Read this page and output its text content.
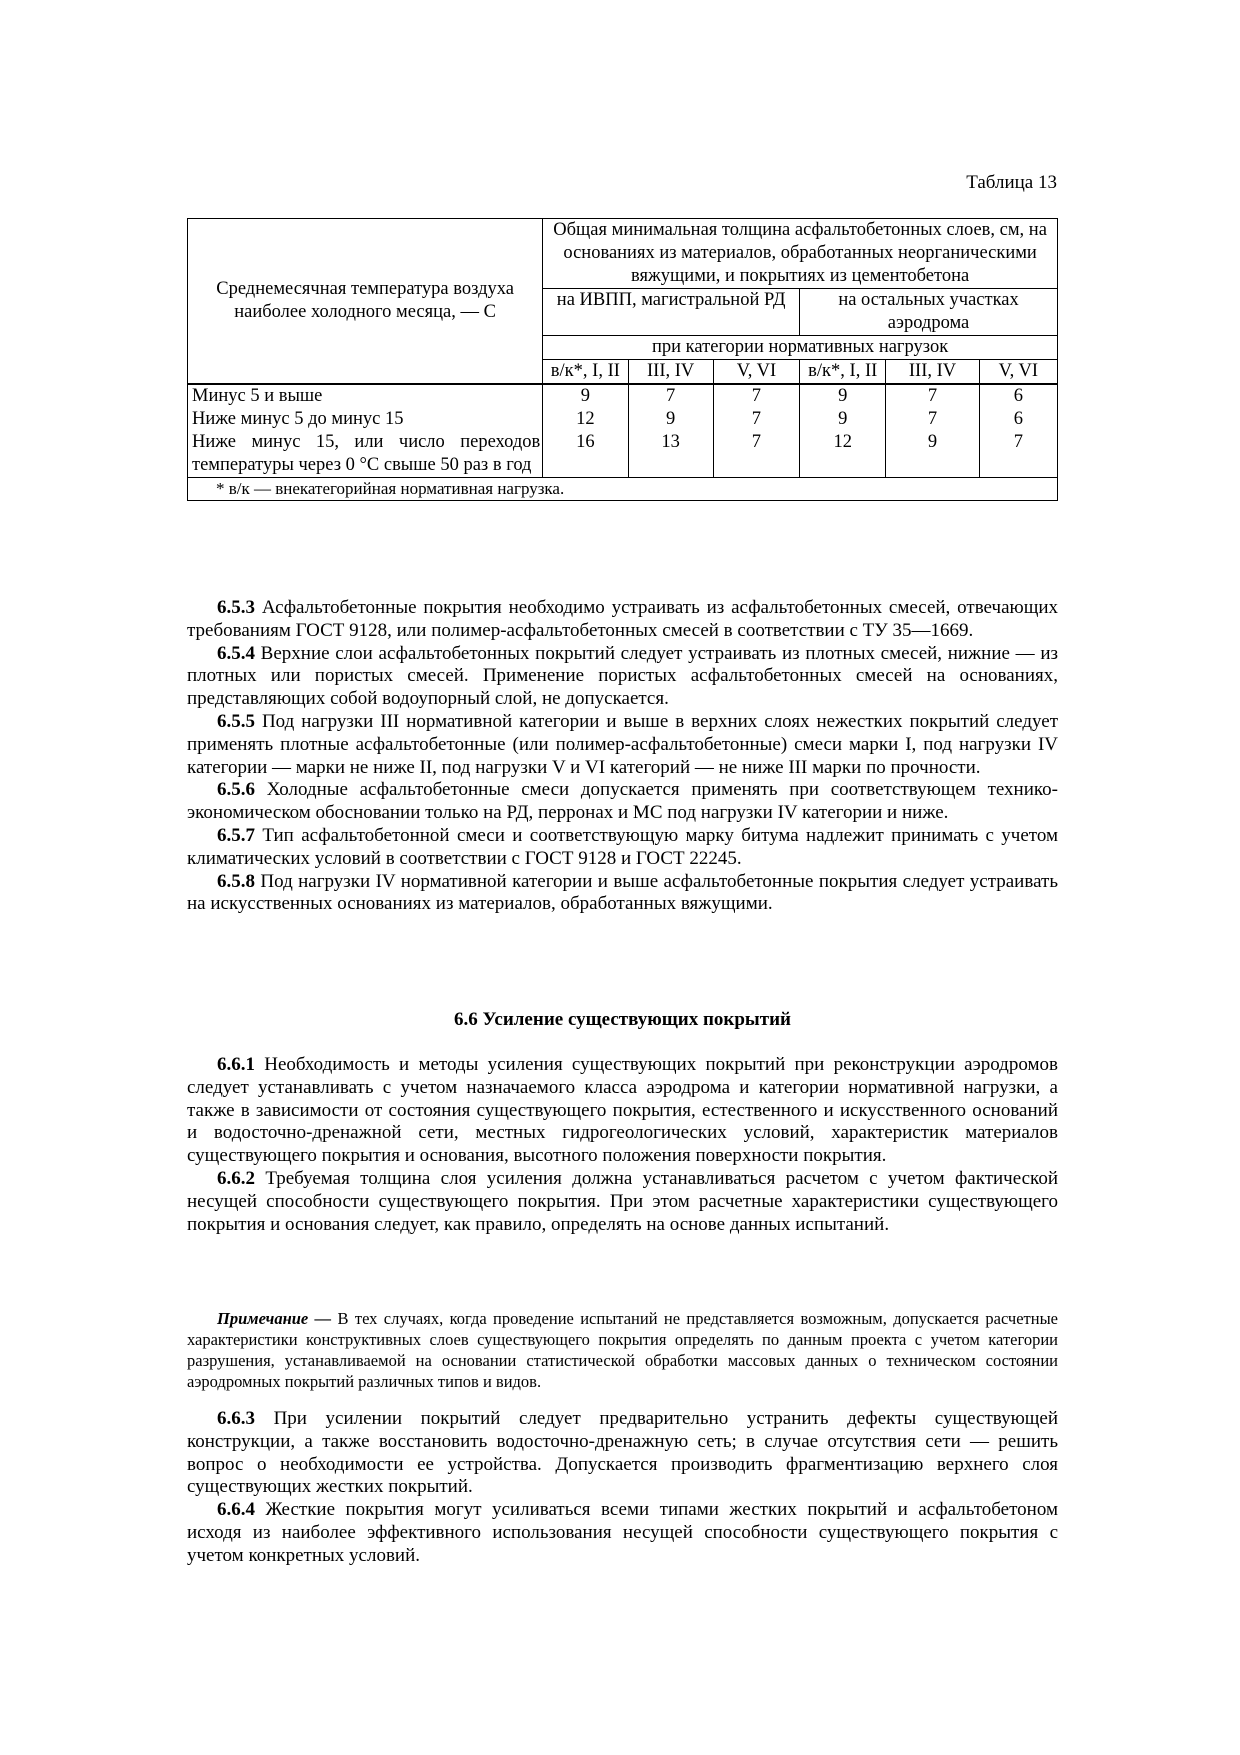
Таблица 13
Среднемесячная температура воздуха наиболее холодного месяца, — С	Общая минимальная толщина асфальтобетонных слоев, см, на основаниях из материалов, обработанных неорганическими вяжущими, и покрытиях из цементобетона					
	на ИВПП, магистральной РД			на остальных участках аэродрома		
	при категории нормативных нагрузок					
	в/к*, I, II	III, IV	V, VI	в/к*, I, II	III, IV	V, VI
Минус 5 и выше	9	7	7	9	7	6
Ниже минус 5 до минус 15	12	9	7	9	7	6
Ниже минус 15, или число переходов температуры через 0 °С свыше 50 раз в год	16	13	7	12	9	7
* в/к — внекатегорийная нормативная нагрузка.						

6.5.3 Асфальтобетонные покрытия необходимо устраивать из асфальтобетонных смесей, отвечающих требованиям ГОСТ 9128, или полимер-асфальтобетонных смесей в соответствии с ТУ 35—1669.

6.5.4 Верхние слои асфальтобетонных покрытий следует устраивать из плотных смесей, нижние — из плотных или пористых смесей. Применение пористых асфальтобетонных смесей на основаниях, представляющих собой водоупорный слой, не допускается.

6.5.5 Под нагрузки III нормативной категории и выше в верхних слоях нежестких покрытий следует применять плотные асфальтобетонные (или полимер-асфальтобетонные) смеси марки I, под нагрузки IV категории — марки не ниже II, под нагрузки V и VI категорий — не ниже III марки по прочности.

6.5.6 Холодные асфальтобетонные смеси допускается применять при соответствующем технико-экономическом обосновании только на РД, перронах и МС под нагрузки IV категории и ниже.

6.5.7 Тип асфальтобетонной смеси и соответствующую марку битума надлежит принимать с учетом климатических условий в соответствии с ГОСТ 9128 и ГОСТ 22245.

6.5.8 Под нагрузки IV нормативной категории и выше асфальтобетонные покрытия следует устраивать на искусственных основаниях из материалов, обработанных вяжущими.

6.6 Усиление существующих покрытий

6.6.1 Необходимость и методы усиления существующих покрытий при реконструкции аэродромов следует устанавливать с учетом назначаемого класса аэродрома и категории нормативной нагрузки, а также в зависимости от состояния существующего покрытия, естественного и искусственного оснований и водосточно-дренажной сети, местных гидрогеологических условий, характеристик материалов существующего покрытия и основания, высотного положения поверхности покрытия.

6.6.2 Требуемая толщина слоя усиления должна устанавливаться расчетом с учетом фактической несущей способности существующего покрытия. При этом расчетные характеристики существующего покрытия и основания следует, как правило, определять на основе данных испытаний.

Примечание — В тех случаях, когда проведение испытаний не представляется возможным, допускается расчетные характеристики конструктивных слоев существующего покрытия определять по данным проекта с учетом категории разрушения, устанавливаемой на основании статистической обработки массовых данных о техническом состоянии аэродромных покрытий различных типов и видов.

6.6.3 При усилении покрытий следует предварительно устранить дефекты существующей конструкции, а также восстановить водосточно-дренажную сеть; в случае отсутствия сети — решить вопрос о необходимости ее устройства. Допускается производить фрагментизацию верхнего слоя существующих жестких покрытий.

6.6.4 Жесткие покрытия могут усиливаться всеми типами жестких покрытий и асфальтобетоном исходя из наиболее эффективного использования несущей способности существующего покрытия с учетом конкретных условий.
